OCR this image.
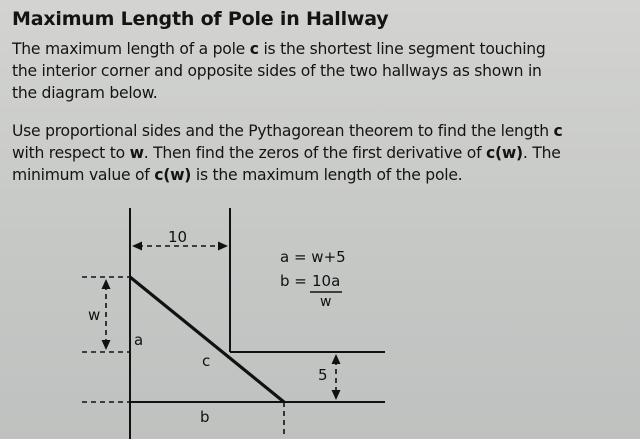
Maximum Length of Pole in Hallway
The maximum length of a pole c is the shortest line segment touching
the interior corner and opposite sides of the two hallways as shown in
the diagram below.
Use proportional sides and the Pythagorean theorem to find the length c
with respect to w. Then find the zeros of the first derivative of c(w). The
minimum value of c(w) is the maximum length of the pole.
10
w
a
c
5
b
a = w+5
b = 10a
w
